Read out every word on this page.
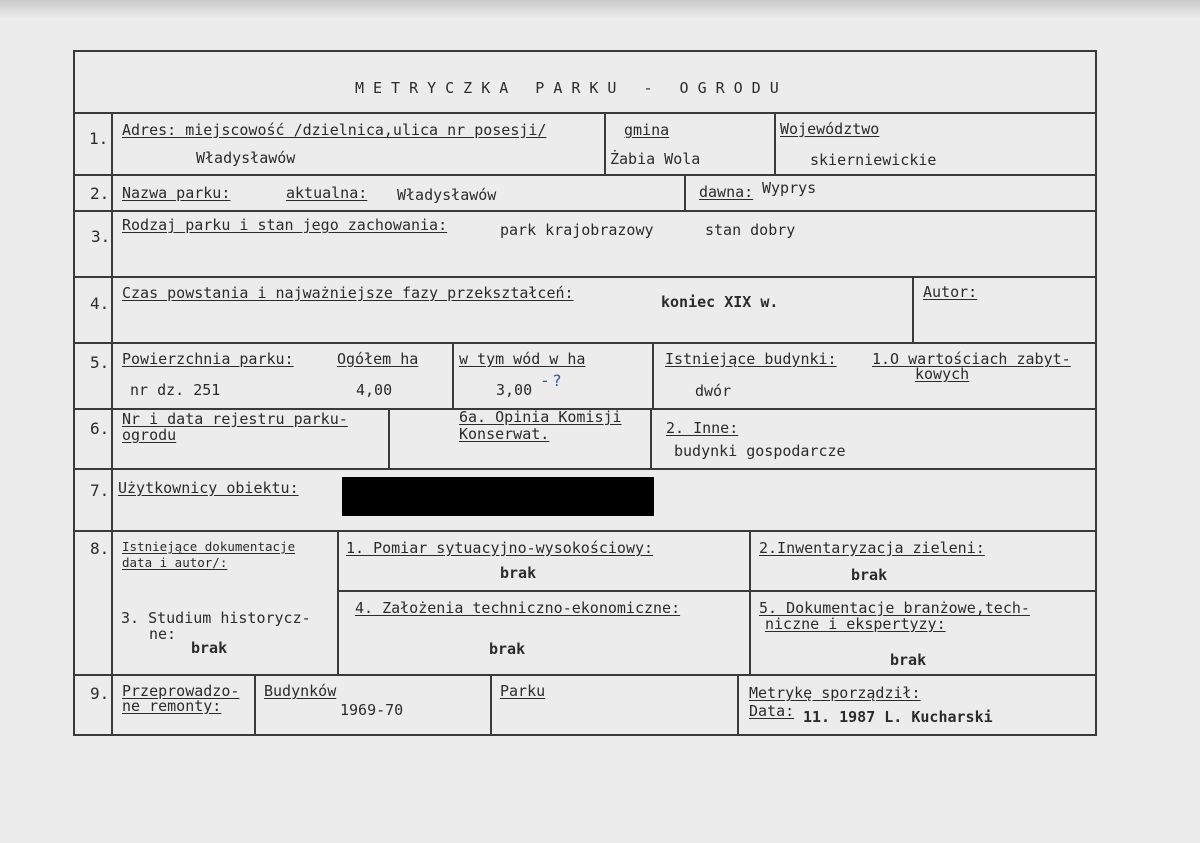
METRYCZKA PARKU - OGRODU
1. Adres: miejscowość /dzielnica,ulica nr posesji/
Władysławów
gmina
Żabia Wola
Województwo
skierniewickie
2. Nazwa parku:	aktualna: Władysławów	dawna: Wyprys
3.
Rodzaj parku i stan jego zachowania:	park krajobrazowy	stan dobry
4.
Czas powstania i najważniejsze fazy przekształceń:	koniec XIX w.
Autor:
5. Powierzchnia parku:
nr dz. 251
Ogółem ha
4,00
w tym wód w ha
3,00 - ?
Istniejące budynki: 1.O wartościach zabyt-
kowych
dwór
6. Nr i data rejestru parku-
ogrodu
6a. Opinia Komisji
Konserwat.	2. Inne:
budynki gospodarcze
7. Użytkownicy obiektu:
8. Istniejące dokumentacje
data i autor/:
1. Pomiar sytuacyjno-wysokościowy:
brak
2.Inwentaryzacja zieleni:
brak
3. Studium historycz-
ne:
brak
4. Założenia techniczno-ekonomiczne:
brak
5. Dokumentacje branżowe,tech-
niczne i ekspertyzy:
brak
9. Przeprowadzo-
ne remonty:
Budynków
1969-70
Parku	Metrykę sporządził:
Data: 11. 1987 L. Kucharski
